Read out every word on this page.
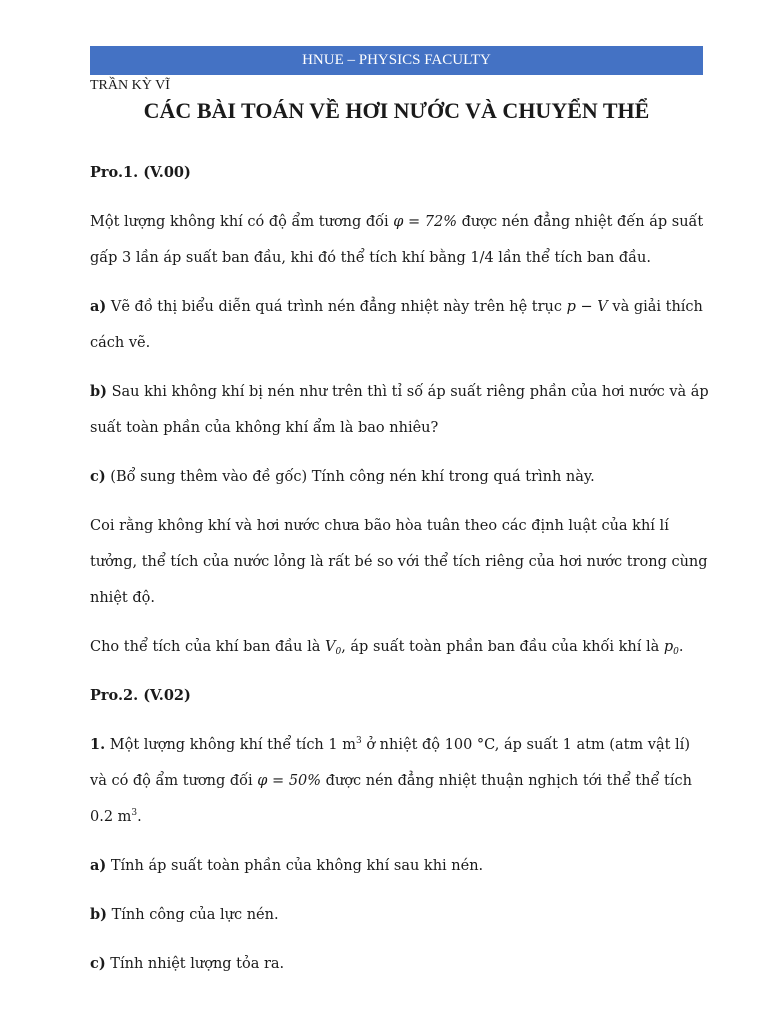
HNUE – PHYSICS FACULTY
TRẦN KỲ VĨ
CÁC BÀI TOÁN VỀ HƠI NƯỚC VÀ CHUYỂN THỂ

Pro.1. (V.00)

Một lượng không khí có độ ẩm tương đối φ = 72% được nén đẳng nhiệt đến áp suất gấp 3 lần áp suất ban đầu, khi đó thể tích khí bằng 1/4 lần thể tích ban đầu.

a) Vẽ đồ thị biểu diễn quá trình nén đẳng nhiệt này trên hệ trục p − V và giải thích cách vẽ.

b) Sau khi không khí bị nén như trên thì tỉ số áp suất riêng phần của hơi nước và áp suất toàn phần của không khí ẩm là bao nhiêu?

c) (Bổ sung thêm vào đề gốc) Tính công nén khí trong quá trình này.

Coi rằng không khí và hơi nước chưa bão hòa tuân theo các định luật của khí lí tưởng, thể tích của nước lỏng là rất bé so với thể tích riêng của hơi nước trong cùng nhiệt độ.

Cho thể tích của khí ban đầu là $V_0$, áp suất toàn phần ban đầu của khối khí là $p_0$.

Pro.2. (V.02)

1. Một lượng không khí thể tích 1 $m^3$ ở nhiệt độ 100 °C, áp suất 1 atm (atm vật lí) và có độ ẩm tương đối φ = 50% được nén đẳng nhiệt thuận nghịch tới thể thể tích 0.2 $m^3$.

a) Tính áp suất toàn phần của không khí sau khi nén.

b) Tính công của lực nén.

c) Tính nhiệt lượng tỏa ra.
